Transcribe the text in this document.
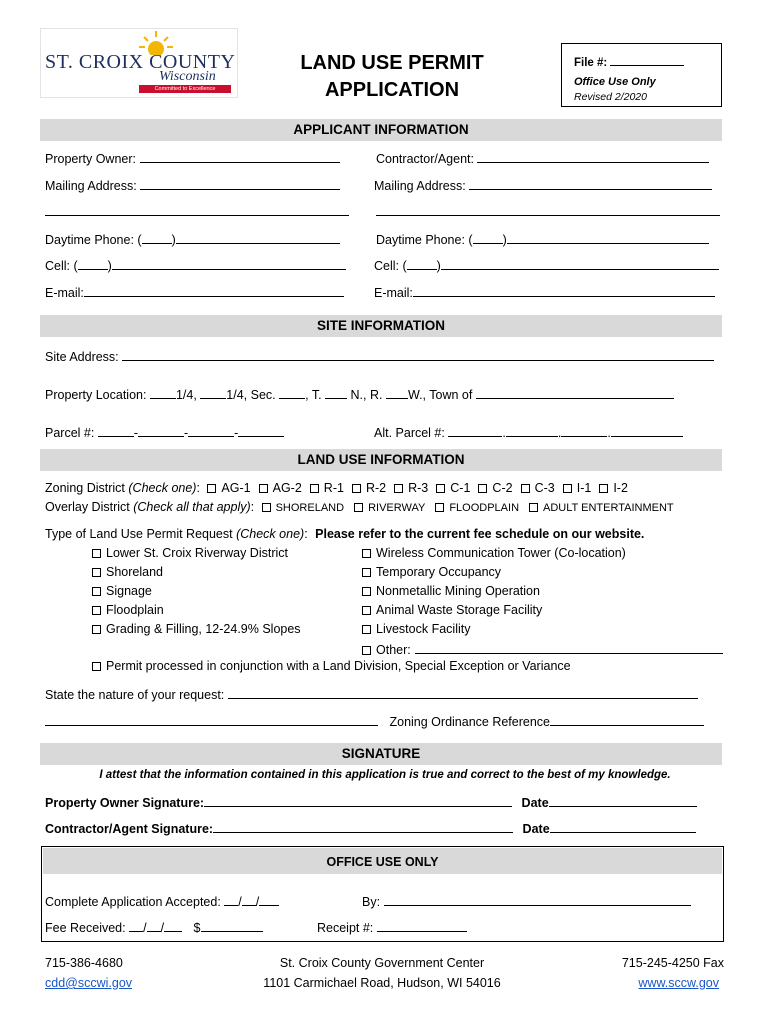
ST. CROIX COUNTY
Wisconsin
Committed to Excellence
LAND USE PERMIT
APPLICATION
File #:
Office Use Only
Revised 2/2020
APPLICANT INFORMATION
Property Owner:	Contractor/Agent:
Mailing Address:	Mailing Address:
Daytime Phone: ( )	Daytime Phone: ( )
Cell: ( )	Cell: ( )
E-mail:	E-mail:
SITE INFORMATION
Site Address:
Property Location: 1/4, 1/4, Sec. , T. N., R. W., Town of
Parcel #:	-	-	-	Alt. Parcel #:	.	.	.
LAND USE INFORMATION
Zoning District (Check one): AG-1 AG-2 R-1 R-2 R-3 C-1 C-2 C-3 I-1 I-2
Overlay District (Check all that apply): SHORELAND RIVERWAY FLOODPLAIN ADULT ENTERTAINMENT
Type of Land Use Permit Request (Check one): Please refer to the current fee schedule on our website.
Lower St. Croix Riverway District
Shoreland
Signage
Floodplain
Grading & Filling, 12-24.9% Slopes
Wireless Communication Tower (Co-location)
Temporary Occupancy
Nonmetallic Mining Operation
Animal Waste Storage Facility
Livestock Facility
Other:
Permit processed in conjunction with a Land Division, Special Exception or Variance
State the nature of your request:
Zoning Ordinance Reference
SIGNATURE
I attest that the information contained in this application is true and correct to the best of my knowledge.
Property Owner Signature:	Date
Contractor/Agent Signature:	Date
OFFICE USE ONLY
Complete Application Accepted: / /	By:
Fee Received: / / $	Receipt #:
715-386-4680
cdd@sccwi.gov
St. Croix County Government Center
1101 Carmichael Road, Hudson, WI 54016
715-245-4250 Fax
www.sccw.gov
